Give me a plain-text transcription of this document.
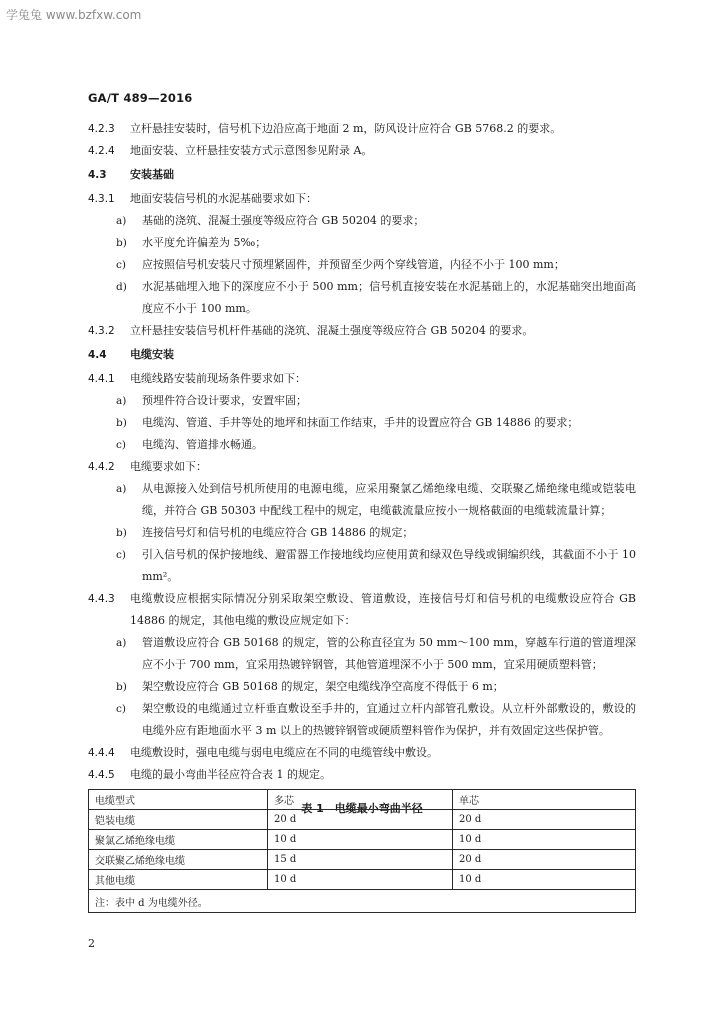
学兔兔 www.bzfxw.com
GA/T 489—2016
4.2.3	立杆悬挂安装时，信号机下边沿应高于地面 2 m，防风设计应符合 GB 5768.2 的要求。
4.2.4	地面安装、立杆悬挂安装方式示意图参见附录 A。
4.3	安装基础
4.3.1	地面安装信号机的水泥基础要求如下：
a)	基础的浇筑、混凝土强度等级应符合 GB 50204 的要求；
b)	水平度允许偏差为 5‰；
c)	应按照信号机安装尺寸预埋紧固件，并预留至少两个穿线管道，内径不小于 100 mm；
d)	水泥基础埋入地下的深度应不小于 500 mm；信号机直接安装在水泥基础上的，水泥基础突出地面高度应不小于 100 mm。
4.3.2	立杆悬挂安装信号机杆件基础的浇筑、混凝土强度等级应符合 GB 50204 的要求。
4.4	电缆安装
4.4.1	电缆线路安装前现场条件要求如下：
a)	预埋件符合设计要求，安置牢固；
b)	电缆沟、管道、手井等处的地坪和抹面工作结束，手井的设置应符合 GB 14886 的要求；
c)	电缆沟、管道排水畅通。
4.4.2	电缆要求如下：
a)	从电源接入处到信号机所使用的电源电缆，应采用聚氯乙烯绝缘电缆、交联聚乙烯绝缘电缆或铠装电缆，并符合 GB 50303 中配线工程中的规定，电缆截流量应按小一规格截面的电缆载流量计算；
b)	连接信号灯和信号机的电缆应符合 GB 14886 的规定；
c)	引入信号机的保护接地线、避雷器工作接地线均应使用黄和绿双色导线或铜编织线，其截面不小于 10 mm²。
4.4.3	电缆敷设应根据实际情况分别采取架空敷设、管道敷设，连接信号灯和信号机的电缆敷设应符合 GB 14886 的规定，其他电缆的敷设应规定如下：
a)	管道敷设应符合 GB 50168 的规定，管的公称直径宜为 50 mm～100 mm，穿越车行道的管道埋深应不小于 700 mm，宜采用热镀锌钢管，其他管道埋深不小于 500 mm，宜采用硬质塑料管；
b)	架空敷设应符合 GB 50168 的规定，架空电缆线净空高度不得低于 6 m；
c)	架空敷设的电缆通过立杆垂直敷设至手井的，宜通过立杆内部管孔敷设。从立杆外部敷设的，敷设的电缆外应有距地面水平 3 m 以上的热镀锌钢管或硬质塑料管作为保护，并有效固定这些保护管。
4.4.4	电缆敷设时，强电电缆与弱电电缆应在不同的电缆管线中敷设。
4.4.5	电缆的最小弯曲半径应符合表 1 的规定。
表 1　电缆最小弯曲半径
电缆型式	多芯	单芯
铠装电缆	20 d	20 d
聚氯乙烯绝缘电缆	10 d	10 d
交联聚乙烯绝缘电缆	15 d	20 d
其他电缆	10 d	10 d
注：表中 d 为电缆外径。		
2
